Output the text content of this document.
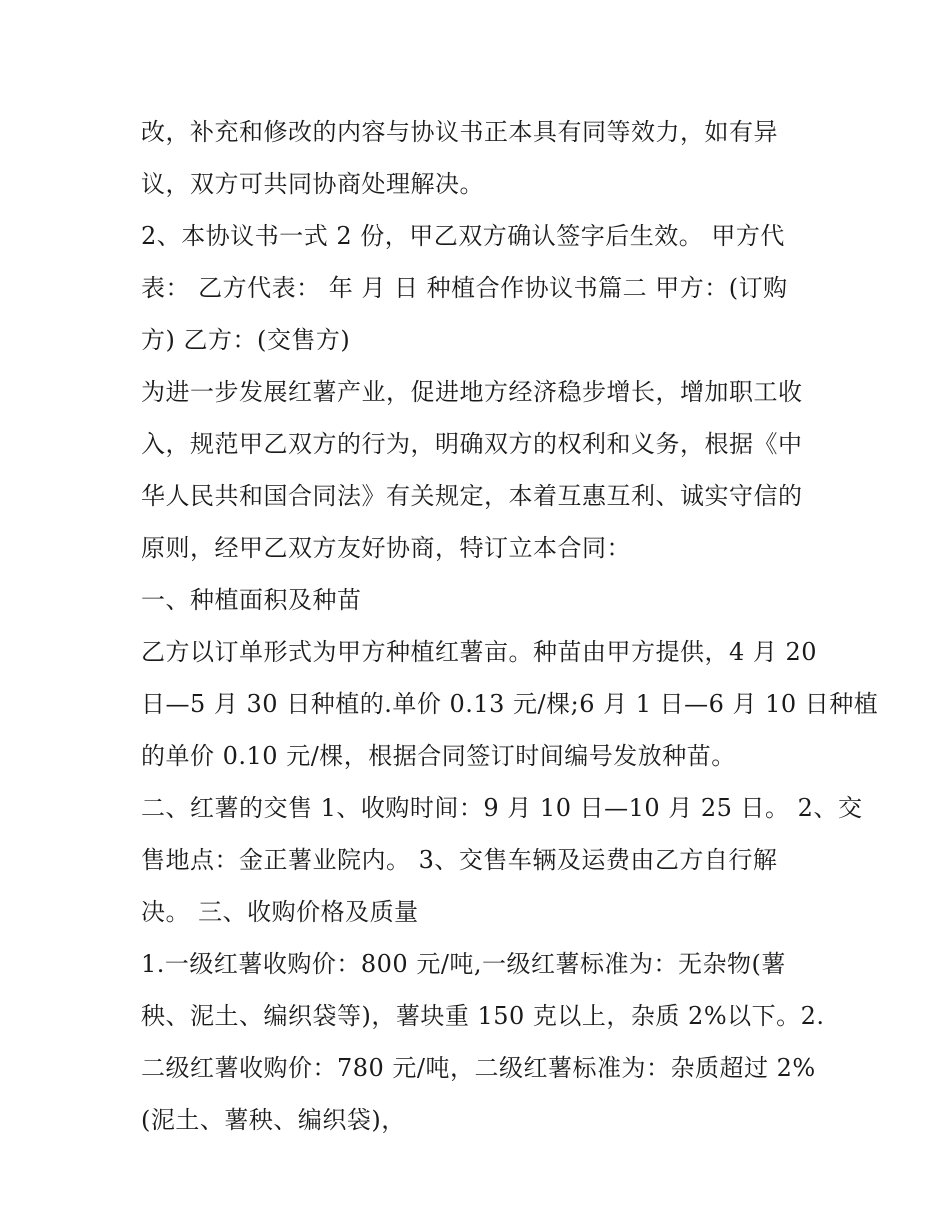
改，补充和修改的内容与协议书正本具有同等效力，如有异
议，双方可共同协商处理解决。
2、本协议书一式 2 份，甲乙双方确认签字后生效。 甲方代
表： 乙方代表： 年 月 日 种植合作协议书篇二 甲方：(订购
方) 乙方：(交售方)
为进一步发展红薯产业，促进地方经济稳步增长，增加职工收
入，规范甲乙双方的行为，明确双方的权利和义务，根据《中
华人民共和国合同法》有关规定，本着互惠互利、诚实守信的
原则，经甲乙双方友好协商，特订立本合同：
一、种植面积及种苗
乙方以订单形式为甲方种植红薯亩。种苗由甲方提供，4 月 20
日—5 月 30 日种植的.单价 0.13 元/棵;6 月 1 日—6 月 10 日种植
的单价 0.10 元/棵，根据合同签订时间编号发放种苗。
二、红薯的交售 1、收购时间：9 月 10 日—10 月 25 日。 2、交
售地点：金正薯业院内。 3、交售车辆及运费由乙方自行解
决。 三、收购价格及质量
1.一级红薯收购价：800 元/吨,一级红薯标准为：无杂物(薯
秧、泥土、编织袋等)，薯块重 150 克以上，杂质 2%以下。2.
二级红薯收购价：780 元/吨，二级红薯标准为：杂质超过 2%
(泥土、薯秧、编织袋)，
